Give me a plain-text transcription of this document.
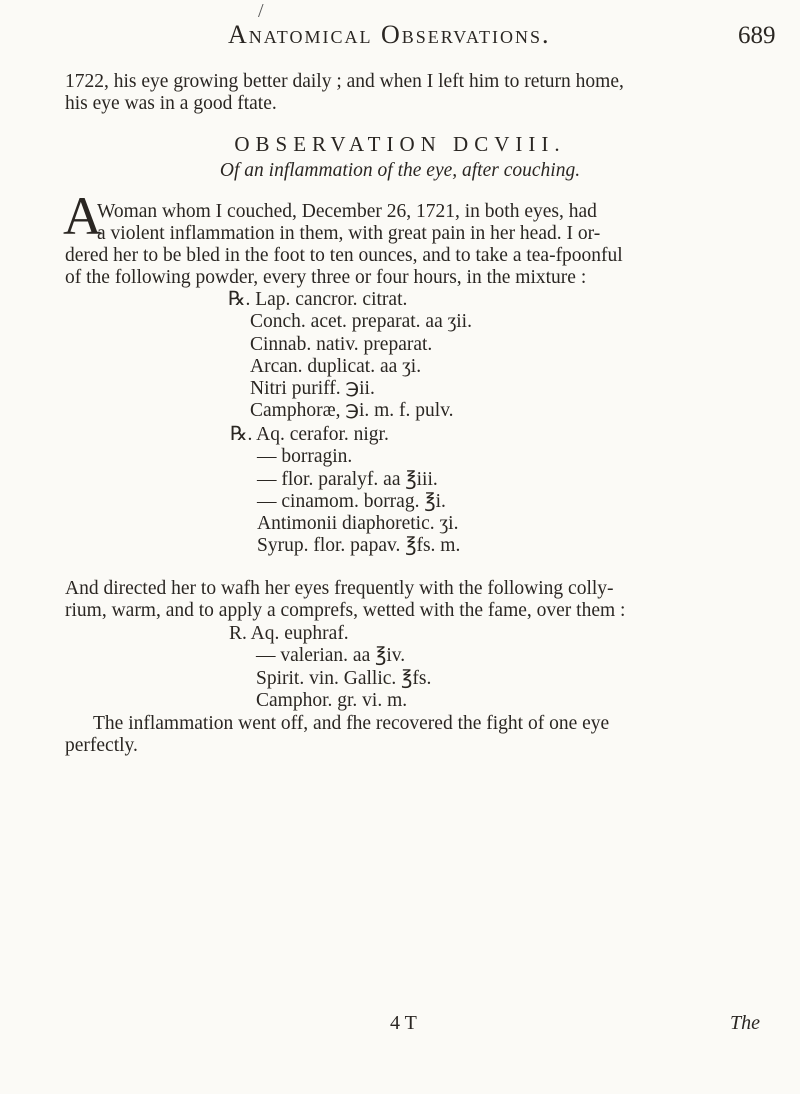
/
Anatomical Observations.	689
1722, his eye growing better daily ; and when I left him to return home,
his eye was in a good ftate.
OBSERVATION DCVIII.
Of an inflammation of the eye, after couching.
A
Woman whom I couched, December 26, 1721, in both eyes, had
a violent inflammation in them, with great pain in her head. I or-
dered her to be bled in the foot to ten ounces, and to take a tea-fpoonful
of the following powder, every three or four hours, in the mixture :
℞. Lap. cancror. citrat.
Conch. acet. preparat. aa ʒii.
Cinnab. nativ. preparat.
Arcan. duplicat. aa ʒi.
Nitri puriff. ℈ii.
Camphoræ, ℈i. m. f. pulv.
℞. Aq. cerafor. nigr.
— borragin.
— flor. paralyf. aa ℥iii.
— cinamom. borrag. ℥i.
Antimonii diaphoretic. ʒi.
Syrup. flor. papav. ℥fs. m.
And directed her to wafh her eyes frequently with the following colly-
rium, warm, and to apply a comprefs, wetted with the fame, over them :
R. Aq. euphraf.
— valerian. aa ℥iv.
Spirit. vin. Gallic. ℥fs.
Camphor. gr. vi. m.
The inflammation went off, and fhe recovered the fight of one eye
perfectly.
4 T	The
